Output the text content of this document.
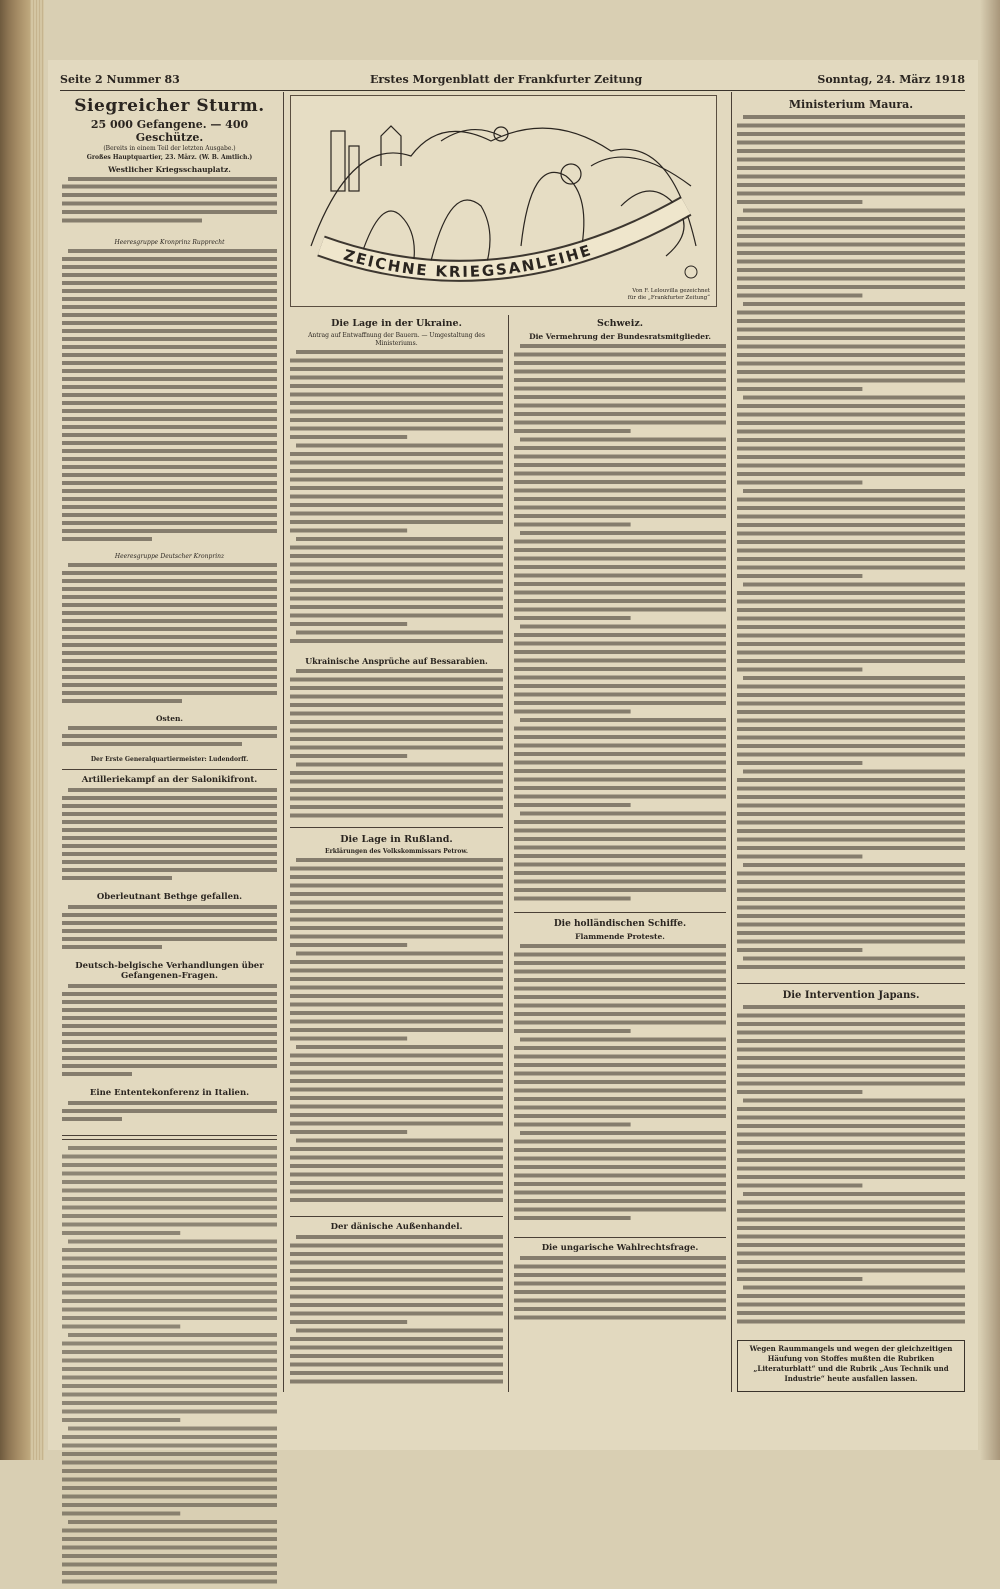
Seite 2 Nummer 83	Erstes Morgenblatt der Frankfurter Zeitung	Sonntag, 24. März 1918

Siegreicher Sturm.

25 000 Gefangene. — 400 Geschütze.

(Bereits in einem Teil der letzten Ausgabe.)

Großes Hauptquartier, 23. März. (W. B. Amtlich.)

Westlicher Kriegsschauplatz.

Heeresgruppe Kronprinz Rupprecht

Heeresgruppe Deutscher Kronprinz

Osten.

Der Erste Generalquartiermeister: Ludendorff.

Artilleriekampf an der Salonikifront.

Oberleutnant Bethge gefallen.

Deutsch-belgische Verhandlungen über Gefangenen-Fragen.

Eine Ententekonferenz in Italien.

ZEICHNE KRIEGSANLEIHE
Von F. Lelouvilla gezeichnet
für die „Frankfurter Zeitung“

Die Lage in der Ukraine.

Antrag auf Entwaffnung der Bauern. — Umgestaltung des Ministeriums.

Ukrainische Ansprüche auf Bessarabien.

Die Lage in Rußland.

Erklärungen des Volkskommissars Petrow.

Der dänische Außenhandel.

Schweiz.

Die Vermehrung der Bundesratsmitglieder.

Die holländischen Schiffe.

Flammende Proteste.

Die ungarische Wahlrechtsfrage.

Ministerium Maura.

Die Intervention Japans.

Wegen Raummangels und wegen der gleichzeitigen Häufung von Stoffes mußten die Rubriken „Literaturblatt“ und die Rubrik „Aus Technik und Industrie“ heute ausfallen lassen.
